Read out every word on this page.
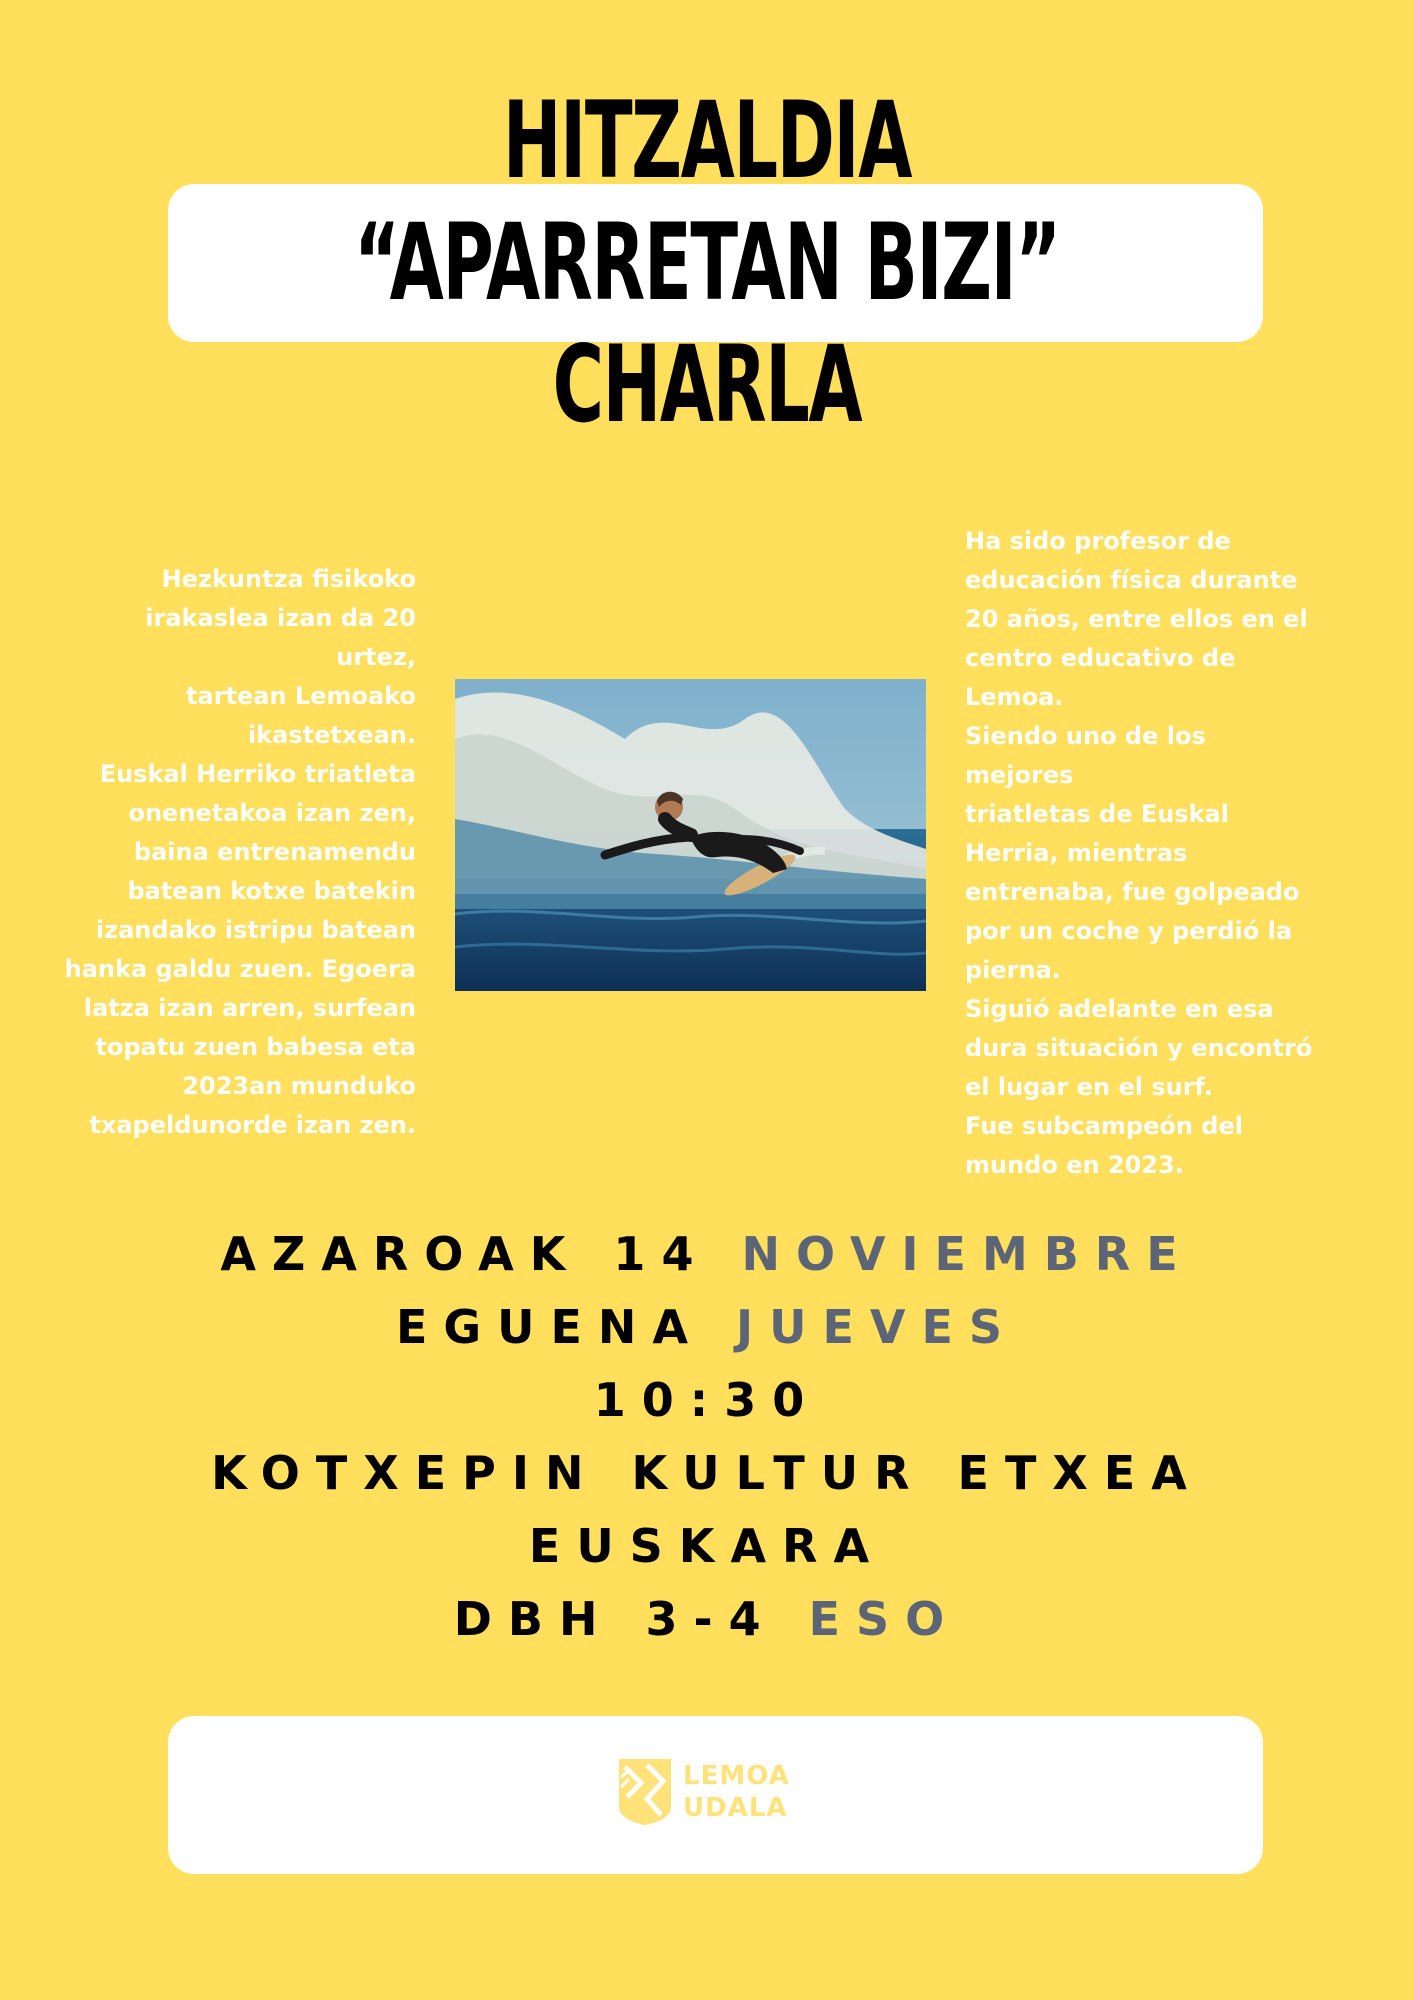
HITZALDIA
“APARRETAN BIZI”
CHARLA

Hezkuntza fisikoko
irakaslea izan da 20 urtez,
tartean Lemoako
ikastetxean.
Euskal Herriko triatleta
onenetakoa izan zen,
baina entrenamendu
batean kotxe batekin
izandako istripu batean
hanka galdu zuen. Egoera
latza izan arren, surfean
topatu zuen babesa eta
2023an munduko
txapeldunorde izan zen.

Ha sido profesor de
educación física durante
20 años, entre ellos en el
centro educativo de
Lemoa.
Siendo uno de los mejores
triatletas de Euskal
Herria, mientras
entrenaba, fue golpeado
por un coche y perdió la
pierna.
Siguió adelante en esa
dura situación y encontró
el lugar en el surf.
Fue subcampeón del
mundo en 2023.

AZAROAK 14 NOVIEMBRE
EGUENA JUEVES
10:30
KOTXEPIN KULTUR ETXEA
EUSKARA
DBH 3-4 ESO
LEMOA
UDALA
